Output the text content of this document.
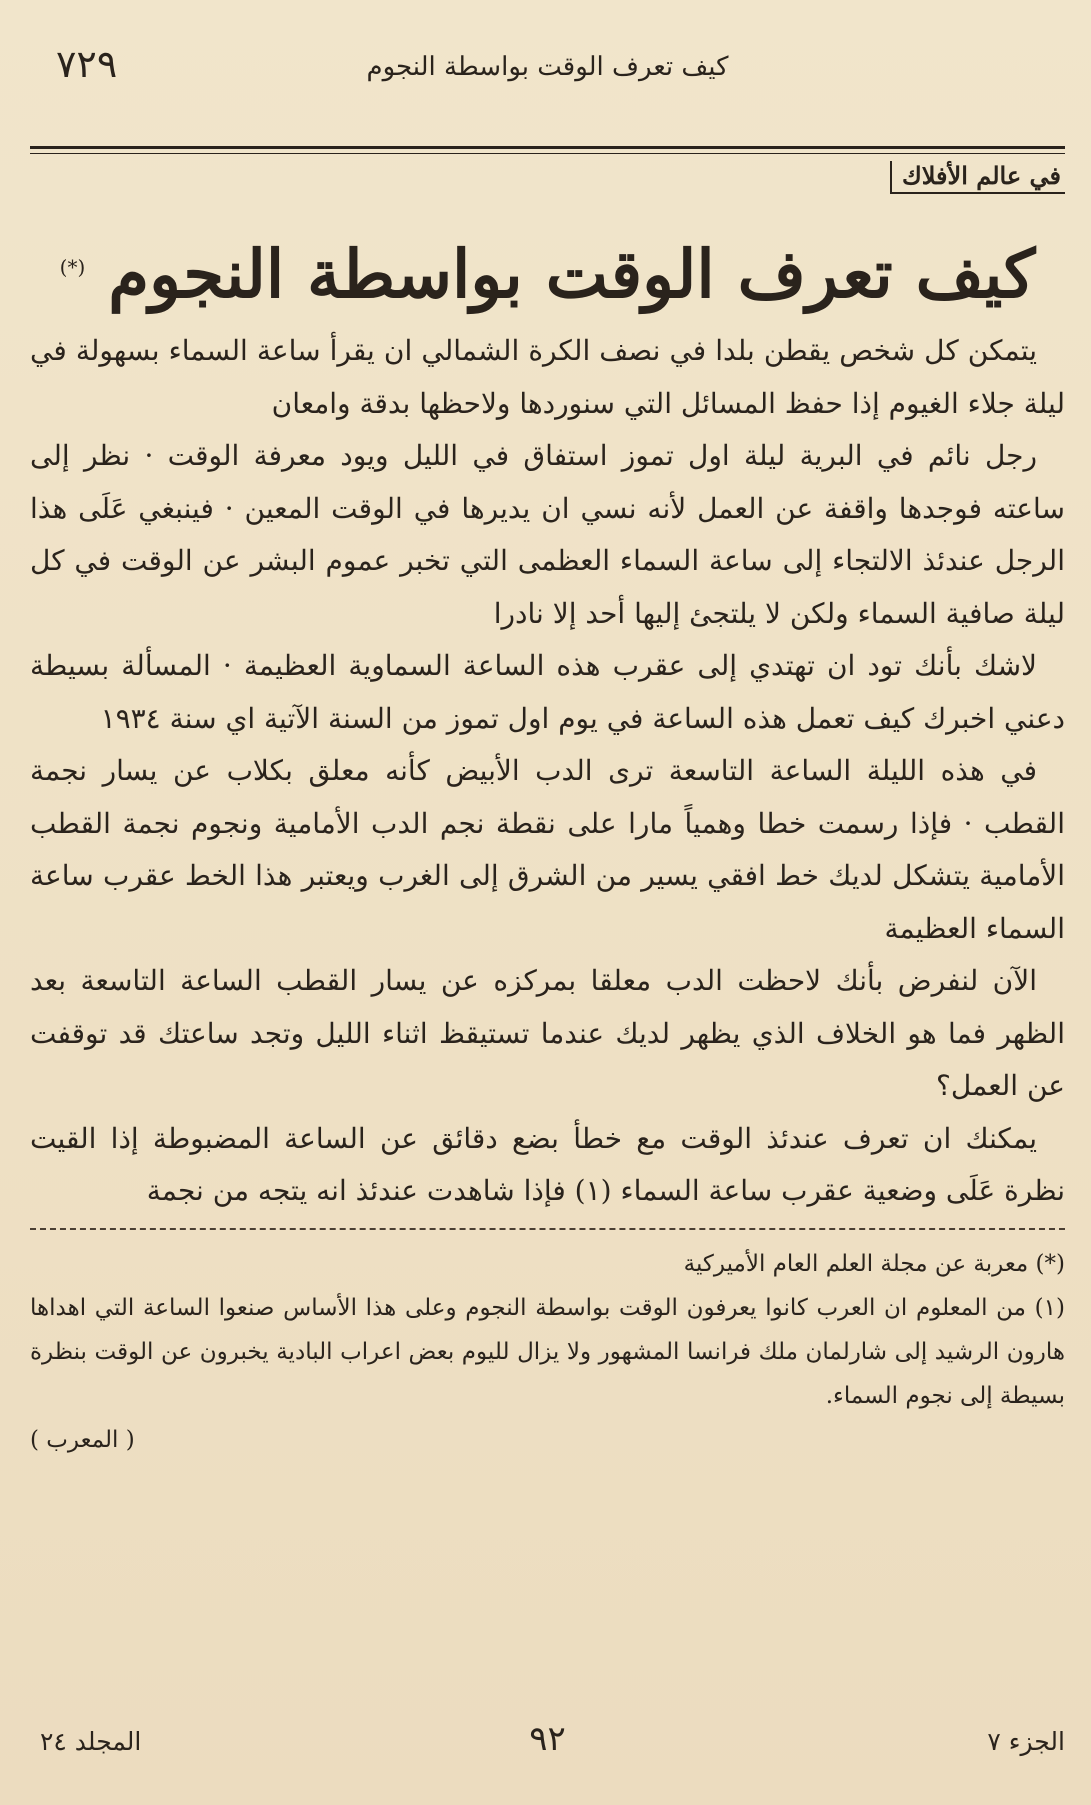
٧٢٩	كيف تعرف الوقت بواسطة النجوم
في عالم الأفلاك
كيف تعرف الوقت بواسطة النجوم (*)

يتمكن كل شخص يقطن بلدا في نصف الكرة الشمالي ان يقرأ ساعة السماء بسهولة في ليلة جلاء الغيوم إذا حفظ المسائل التي سنوردها ولاحظها بدقة وامعان

رجل نائم في البرية ليلة اول تموز استفاق في الليل ويود معرفة الوقت · نظر إلى ساعته فوجدها واقفة عن العمل لأنه نسي ان يديرها في الوقت المعين · فينبغي عَلَى هذا الرجل عندئذ الالتجاء إلى ساعة السماء العظمى التي تخبر عموم البشر عن الوقت في كل ليلة صافية السماء ولكن لا يلتجئ إليها أحد إلا نادرا

لاشك بأنك تود ان تهتدي إلى عقرب هذه الساعة السماوية العظيمة · المسألة بسيطة دعني اخبرك كيف تعمل هذه الساعة في يوم اول تموز من السنة الآتية اي سنة ١٩٣٤

في هذه الليلة الساعة التاسعة ترى الدب الأبيض كأنه معلق بكلاب عن يسار نجمة القطب · فإذا رسمت خطا وهمياً مارا على نقطة نجم الدب الأمامية ونجوم نجمة القطب الأمامية يتشكل لديك خط افقي يسير من الشرق إلى الغرب ويعتبر هذا الخط عقرب ساعة السماء العظيمة

الآن لنفرض بأنك لاحظت الدب معلقا بمركزه عن يسار القطب الساعة التاسعة بعد الظهر فما هو الخلاف الذي يظهر لديك عندما تستيقظ اثناء الليل وتجد ساعتك قد توقفت عن العمل؟

يمكنك ان تعرف عندئذ الوقت مع خطأ بضع دقائق عن الساعة المضبوطة إذا القيت نظرة عَلَى وضعية عقرب ساعة السماء (١) فإذا شاهدت عندئذ انه يتجه من نجمة

(*) معربة عن مجلة العلم العام الأميركية

(١) من المعلوم ان العرب كانوا يعرفون الوقت بواسطة النجوم وعلى هذا الأساس صنعوا الساعة التي اهداها هارون الرشيد إلى شارلمان ملك فرانسا المشهور ولا يزال لليوم بعض اعراب البادية يخبرون عن الوقت بنظرة بسيطة إلى نجوم السماء.

( المعرب )

الجزء ٧
٩٢
المجلد ٢٤
